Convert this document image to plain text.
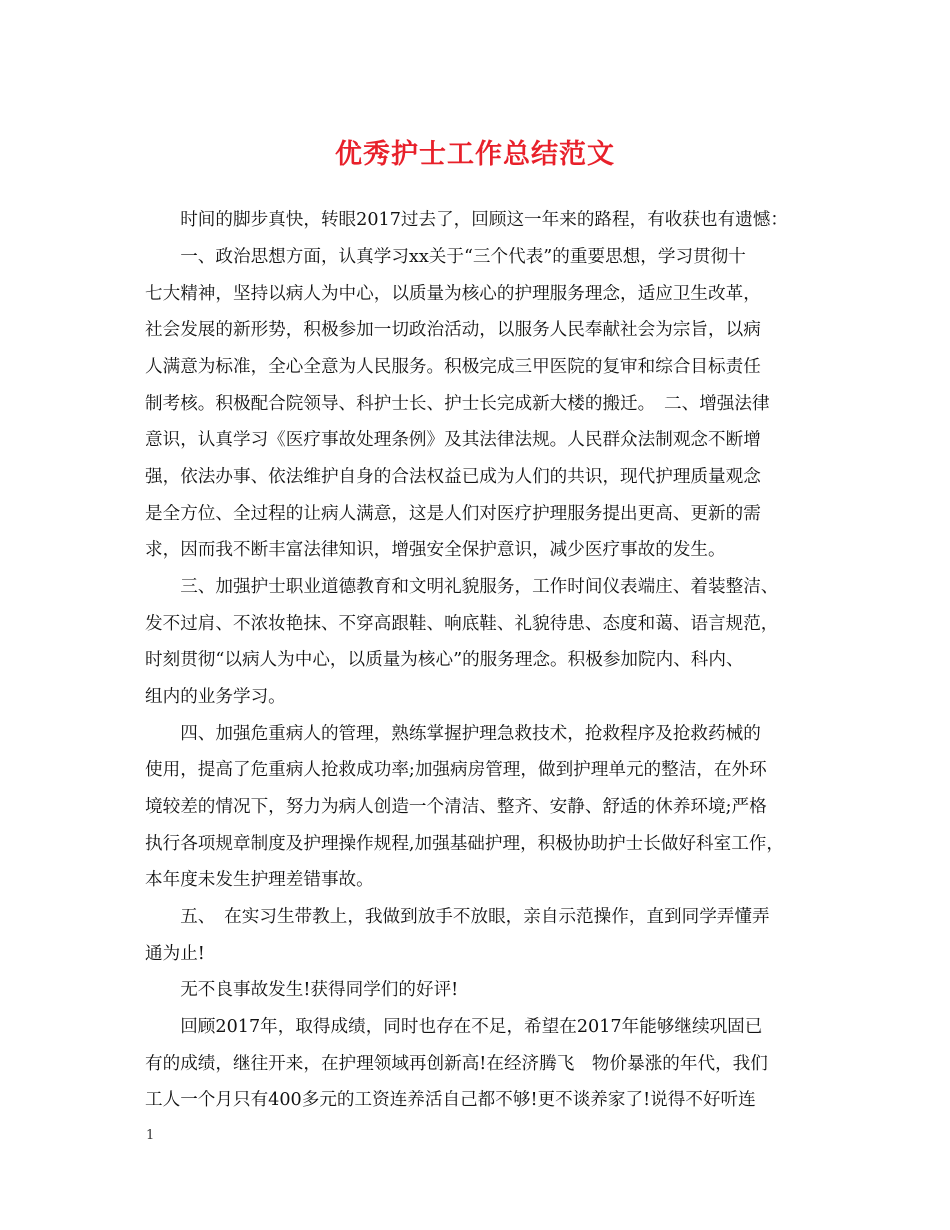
优秀护士工作总结范文

　　时间的脚步真快，转眼2017过去了，回顾这一年来的路程，有收获也有遗憾：

　　一、政治思想方面，认真学习xx关于“三个代表”的重要思想，学习贯彻十

七大精神，坚持以病人为中心，以质量为核心的护理服务理念，适应卫生改革，

社会发展的新形势，积极参加一切政治活动，以服务人民奉献社会为宗旨，以病

人满意为标准，全心全意为人民服务。积极完成三甲医院的复审和综合目标责任

制考核。积极配合院领导、科护士长、护士长完成新大楼的搬迁。　二、增强法律

意识，认真学习《医疗事故处理条例》及其法律法规。人民群众法制观念不断增

强，依法办事、依法维护自身的合法权益已成为人们的共识，现代护理质量观念

是全方位、全过程的让病人满意，这是人们对医疗护理服务提出更高、更新的需

求，因而我不断丰富法律知识，增强安全保护意识，减少医疗事故的发生。

　　三、加强护士职业道德教育和文明礼貌服务，工作时间仪表端庄、着装整洁、

发不过肩、不浓妆艳抹、不穿高跟鞋、响底鞋、礼貌待患、态度和蔼、语言规范，

时刻贯彻“以病人为中心，以质量为核心”的服务理念。积极参加院内、科内、

组内的业务学习。

　　四、加强危重病人的管理，熟练掌握护理急救技术，抢救程序及抢救药械的

使用，提高了危重病人抢救成功率;加强病房管理，做到护理单元的整洁，在外环

境较差的情况下，努力为病人创造一个清洁、整齐、安静、舒适的休养环境;严格

执行各项规章制度及护理操作规程,加强基础护理，积极协助护士长做好科室工作，

本年度未发生护理差错事故。

　　五、　在实习生带教上，我做到放手不放眼，亲自示范操作，直到同学弄懂弄

通为止!

　　无不良事故发生!获得同学们的好评!

　　回顾2017年，取得成绩，同时也存在不足，希望在2017年能够继续巩固已

有的成绩，继往开来，在护理领域再创新高!在经济腾飞　物价暴涨的年代，我们

工人一个月只有400多元的工资连养活自己都不够!更不谈养家了!说得不好听连

1
